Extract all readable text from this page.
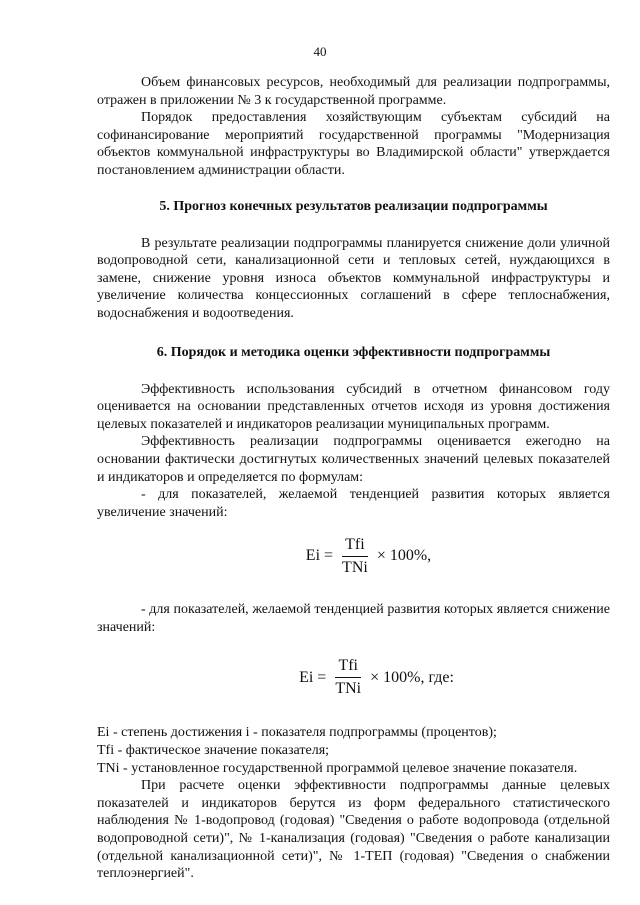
40

Объем финансовых ресурсов, необходимый для реализации подпрограммы, отражен в приложении № 3 к государственной программе.

Порядок предоставления хозяйствующим субъектам субсидий на софинансирование мероприятий государственной программы "Модернизация объектов коммунальной инфраструктуры во Владимирской области" утверждается постановлением администрации области.

5. Прогноз конечных результатов реализации подпрограммы

В результате реализации подпрограммы планируется снижение доли уличной водопроводной сети, канализационной сети и тепловых сетей, нуждающихся в замене, снижение уровня износа объектов коммунальной инфраструктуры и увеличение количества концессионных соглашений в сфере теплоснабжения, водоснабжения и водоотведения.

6. Порядок и методика оценки эффективности подпрограммы

Эффективность использования субсидий в отчетном финансовом году оценивается на основании представленных отчетов исходя из уровня достижения целевых показателей и индикаторов реализации муниципальных программ.

Эффективность реализации подпрограммы оценивается ежегодно на основании фактически достигнутых количественных значений целевых показателей и индикаторов и определяется по формулам:

- для показателей, желаемой тенденцией развития которых является увеличение значений:

$Ei = \frac{\text{Tfi}}{\text{TNi}} \times 100\%$,

- для показателей, желаемой тенденцией развития которых является снижение значений:

$Ei = \frac{\text{Tfi}}{\text{TNi}} \times 100\%$, где:

Ei - степень достижения i - показателя подпрограммы (процентов);

Tfi - фактическое значение показателя;

TNi - установленное государственной программой целевое значение показателя.

При расчете оценки эффективности подпрограммы данные целевых показателей и индикаторов берутся из форм федерального статистического наблюдения № 1-водопровод (годовая) "Сведения о работе водопровода (отдельной водопроводной сети)", № 1-канализация (годовая) "Сведения о работе канализации (отдельной канализационной сети)", № 1-ТЕП (годовая) "Сведения о снабжении теплоэнергией".
